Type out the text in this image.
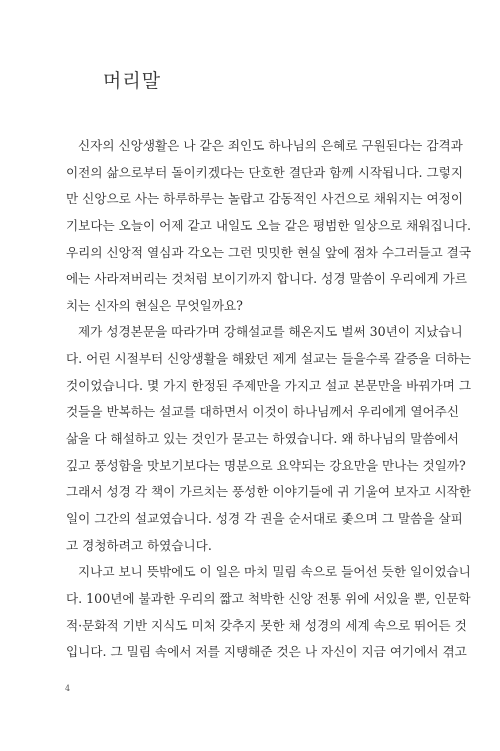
머리말
신자의 신앙생활은 나 같은 죄인도 하나님의 은혜로 구원된다는 감격과
이전의 삶으로부터 돌이키겠다는 단호한 결단과 함께 시작됩니다. 그렇지
만 신앙으로 사는 하루하루는 놀랍고 감동적인 사건으로 채워지는 여정이
기보다는 오늘이 어제 같고 내일도 오늘 같은 평범한 일상으로 채워집니다.
우리의 신앙적 열심과 각오는 그런 밋밋한 현실 앞에 점차 수그러들고 결국
에는 사라져버리는 것처럼 보이기까지 합니다. 성경 말씀이 우리에게 가르
치는 신자의 현실은 무엇일까요?
제가 성경본문을 따라가며 강해설교를 해온지도 벌써 30년이 지났습니
다. 어린 시절부터 신앙생활을 해왔던 제게 설교는 들을수록 갈증을 더하는
것이었습니다. 몇 가지 한정된 주제만을 가지고 설교 본문만을 바꿔가며 그
것들을 반복하는 설교를 대하면서 이것이 하나님께서 우리에게 열어주신
삶을 다 해설하고 있는 것인가 묻고는 하였습니다. 왜 하나님의 말씀에서
깊고 풍성함을 맛보기보다는 명분으로 요약되는 강요만을 만나는 것일까?
그래서 성경 각 책이 가르치는 풍성한 이야기들에 귀 기울여 보자고 시작한
일이 그간의 설교였습니다. 성경 각 권을 순서대로 좇으며 그 말씀을 살피
고 경청하려고 하였습니다.
지나고 보니 뜻밖에도 이 일은 마치 밀림 속으로 들어선 듯한 일이었습니
다. 100년에 불과한 우리의 짧고 척박한 신앙 전통 위에 서있을 뿐, 인문학
적·문화적 기반 지식도 미처 갖추지 못한 채 성경의 세계 속으로 뛰어든 것
입니다. 그 밀림 속에서 저를 지탱해준 것은 나 자신이 지금 여기에서 겪고
4
